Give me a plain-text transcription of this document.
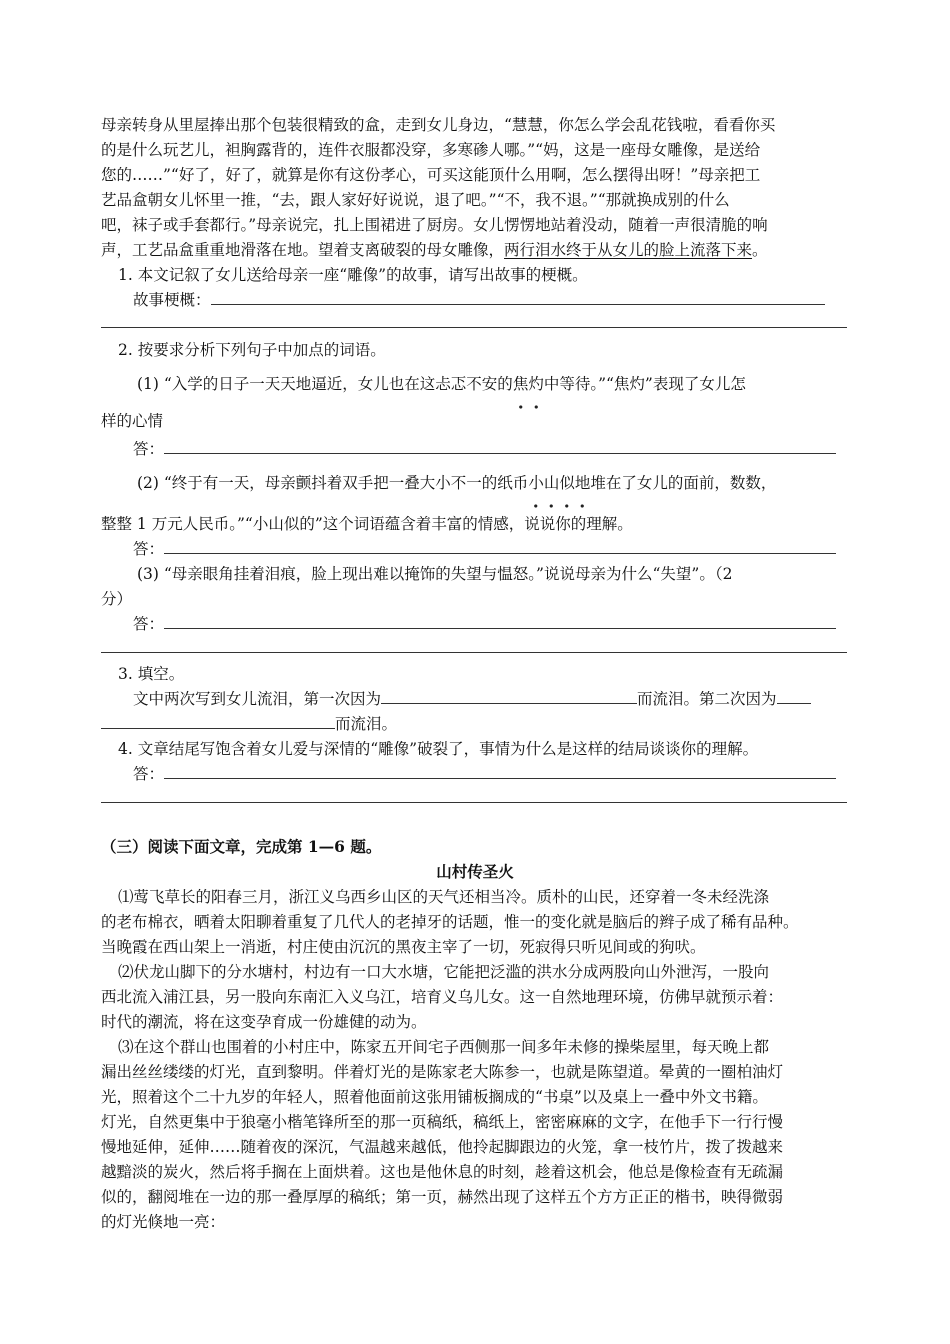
母亲转身从里屋捧出那个包装很精致的盒，走到女儿身边，“慧慧，你怎么学会乱花钱啦，看看你买
的是什么玩艺儿，袒胸露背的，连件衣服都没穿，多寒碜人哪。”“妈，这是一座母女雕像，是送给
您的……”“好了，好了，就算是你有这份孝心，可买这能顶什么用啊，怎么摆得出呀！”母亲把工
艺品盒朝女儿怀里一推，“去，跟人家好好说说，退了吧。”“不，我不退。”“那就换成别的什么
吧，袜子或手套都行。”母亲说完，扎上围裙进了厨房。女儿愣愣地站着没动，随着一声很清脆的响
声，工艺品盒重重地滑落在地。望着支离破裂的母女雕像，两行泪水终于从女儿的脸上流落下来。
1. 本文记叙了女儿送给母亲一座“雕像”的故事，请写出故事的梗概。
故事梗概：
2. 按要求分析下列句子中加点的词语。
(1) “入学的日子一天天地逼近，女儿也在这忐忑不安的焦灼中等待。”“焦灼”表现了女儿怎
样的心情
答：
(2) “终于有一天，母亲颤抖着双手把一叠大小不一的纸币小山似地堆在了女儿的面前，数数，
整整 1 万元人民币。”“小山似的”这个词语蕴含着丰富的情感，说说你的理解。
答：
(3) “母亲眼角挂着泪痕，脸上现出难以掩饰的失望与愠怒。”说说母亲为什么“失望”。（2
分）
答：
3. 填空。
文中两次写到女儿流泪，第一次因为	而流泪。第二次因为
而流泪。
4. 文章结尾写饱含着女儿爱与深情的“雕像”破裂了，事情为什么是这样的结局谈谈你的理解。
答：
（三）阅读下面文章，完成第 1—6 题。
山村传圣火
⑴莺飞草长的阳春三月，浙江义乌西乡山区的天气还相当冷。质朴的山民，还穿着一冬未经洗涤
的老布棉衣，晒着太阳聊着重复了几代人的老掉牙的话题，惟一的变化就是脑后的辫子成了稀有品种。
当晚霞在西山架上一消逝，村庄使由沉沉的黑夜主宰了一切，死寂得只听见间或的狗吠。
⑵伏龙山脚下的分水塘村，村边有一口大水塘，它能把泛滥的洪水分成两股向山外泄泻，一股向
西北流入浦江县，另一股向东南汇入义乌江，培育义乌儿女。这一自然地理环境，仿佛早就预示着：
时代的潮流，将在这变孕育成一份雄健的动为。
⑶在这个群山也围着的小村庄中，陈家五开间宅子西侧那一间多年未修的操柴屋里，每天晚上都
漏出丝丝缕缕的灯光，直到黎明。伴着灯光的是陈家老大陈参一，也就是陈望道。晕黄的一圈柏油灯
光，照着这个二十九岁的年轻人，照着他面前这张用铺板搁成的“书桌”以及桌上一叠中外文书籍。
灯光，自然更集中于狼毫小楷笔锋所至的那一页稿纸，稿纸上，密密麻麻的文字，在他手下一行行慢
慢地延伸，延伸……随着夜的深沉，气温越来越低，他拎起脚跟边的火笼，拿一枝竹片，拨了拨越来
越黯淡的炭火，然后将手搁在上面烘着。这也是他休息的时刻，趁着这机会，他总是像检查有无疏漏
似的，翻阅堆在一边的那一叠厚厚的稿纸；第一页，赫然出现了这样五个方方正正的楷书，映得微弱
的灯光倏地一亮：
